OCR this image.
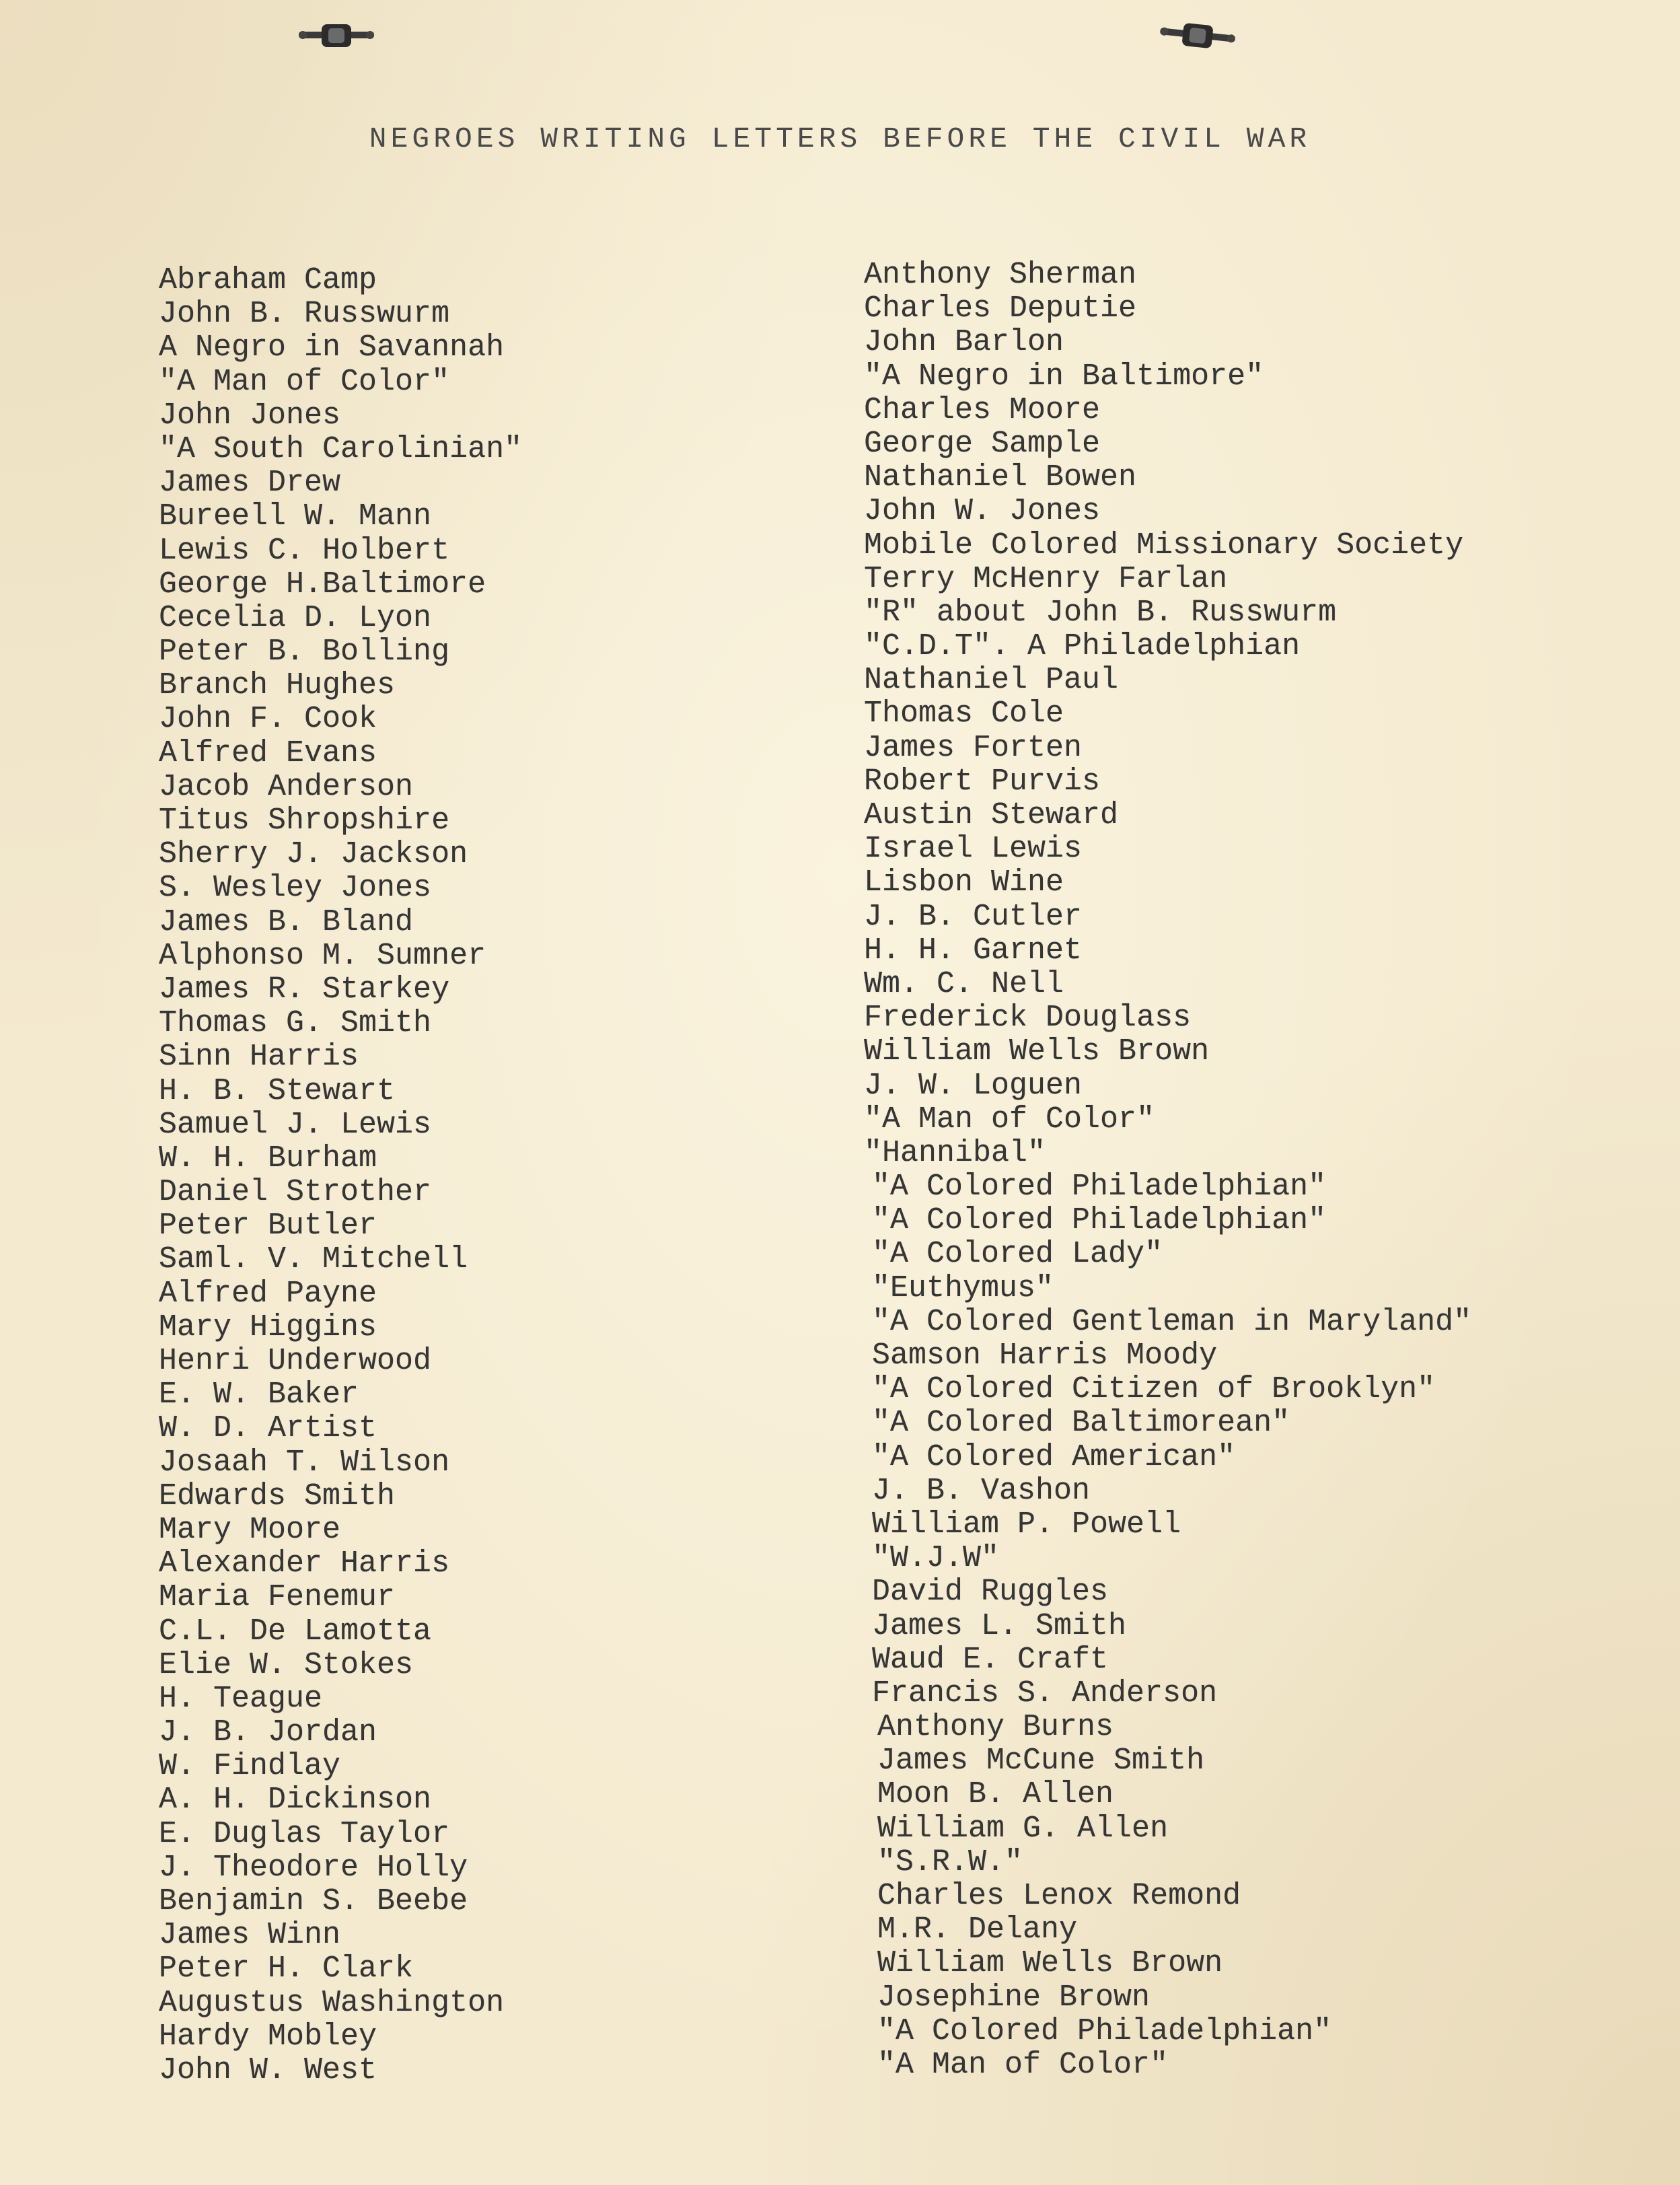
NEGROES WRITING LETTERS BEFORE THE CIVIL WAR
Abraham Camp
John B. Russwurm
A Negro in Savannah
"A Man of Color"
John Jones
"A South Carolinian"
James Drew
Bureell W. Mann
Lewis C. Holbert
George H.Baltimore
Cecelia D. Lyon
Peter B. Bolling
Branch Hughes
John F. Cook
Alfred Evans
Jacob Anderson
Titus Shropshire
Sherry J. Jackson
S. Wesley Jones
James B. Bland
Alphonso M. Sumner
James R. Starkey
Thomas G. Smith
Sinn Harris
H. B. Stewart
Samuel J. Lewis
W. H. Burham
Daniel Strother
Peter Butler
Saml. V. Mitchell
Alfred Payne
Mary Higgins
Henri Underwood
E. W. Baker
W. D. Artist
Josaah T. Wilson
Edwards Smith
Mary Moore
Alexander Harris
Maria Fenemur
C.L. De Lamotta
Elie W. Stokes
H. Teague
J. B. Jordan
W. Findlay
A. H. Dickinson
E. Duglas Taylor
J. Theodore Holly
Benjamin S. Beebe
James Winn
Peter H. Clark
Augustus Washington
Hardy Mobley
John W. West
Anthony Sherman
Charles Deputie
John Barlon
"A Negro in Baltimore"
Charles Moore
George Sample
Nathaniel Bowen
John W. Jones
Mobile Colored Missionary Society
Terry McHenry Farlan
"R" about John B. Russwurm
"C.D.T". A Philadelphian
Nathaniel Paul
Thomas Cole
James Forten
Robert Purvis
Austin Steward
Israel Lewis
Lisbon Wine
J. B. Cutler
H. H. Garnet
Wm. C. Nell
Frederick Douglass
William Wells Brown
J. W. Loguen
"A Man of Color"
"Hannibal"
"A Colored Philadelphian"
"A Colored Philadelphian"
"A Colored Lady"
"Euthymus"
"A Colored Gentleman in Maryland"
Samson Harris Moody
"A Colored Citizen of Brooklyn"
"A Colored Baltimorean"
"A Colored American"
J. B. Vashon
William P. Powell
"W.J.W"
David Ruggles
James L. Smith
Waud E. Craft
Francis S. Anderson
Anthony Burns
James McCune Smith
Moon B. Allen
William G. Allen
"S.R.W."
Charles Lenox Remond
M.R. Delany
William Wells Brown
Josephine Brown
"A Colored Philadelphian"
"A Man of Color"
